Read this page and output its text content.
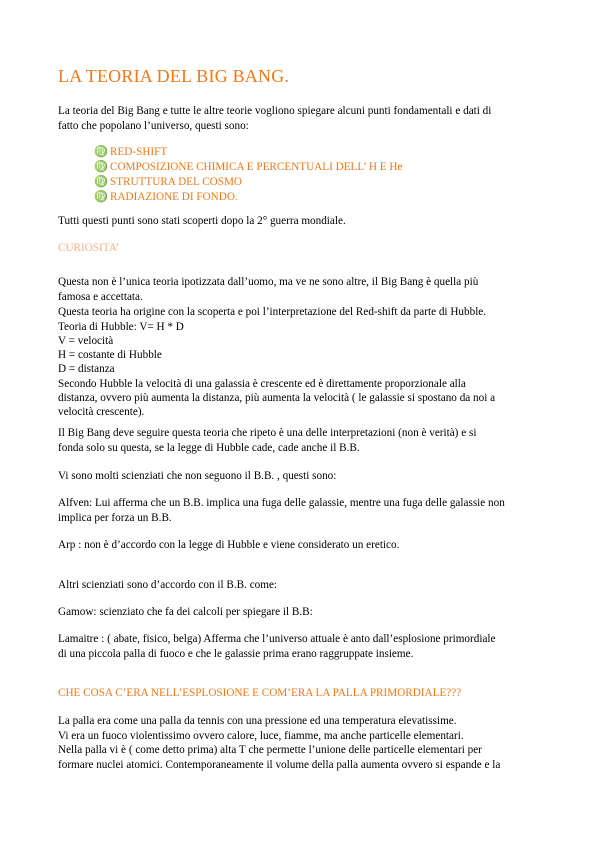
LA TEORIA DEL BIG BANG.

La teoria del Big Bang e tutte le altre teorie vogliono spiegare alcuni punti fondamentali e dati di

fatto che popolano l’universo, questi sono:

♍ RED-SHIFT
♍ COMPOSIZIONE CHIMICA E PERCENTUALI DELL’ H E He
♍ STRUTTURA DEL COSMO
♍ RADIAZIONE DI FONDO.

Tutti questi punti sono stati scoperti dopo la 2° guerra mondiale.

CURIOSITA’

Questa non è l’unica teoria ipotizzata dall’uomo, ma ve ne sono altre, il Big Bang è quella più

famosa e accettata.

Questa teoria ha origine con la scoperta e poi l’interpretazione del Red-shift da parte di Hubble.

Teoria di Hubble: V= H * D

V = velocità

H = costante di Hubble

D = distanza

Secondo Hubble la velocità di una galassia è crescente ed è direttamente proporzionale alla

distanza, ovvero più aumenta la distanza, più aumenta la velocità ( le galassie si spostano da noi a

velocità crescente).

Il Big Bang deve seguire questa teoria che ripeto è una delle interpretazioni (non è verità) e si

fonda solo su questa, se la legge di Hubble cade, cade anche il B.B.

Vi sono molti scienziati che non seguono il B.B. , questi sono:

Alfven: Lui afferma che un B.B. implica una fuga delle galassie, mentre una fuga delle galassie non

implica per forza un B.B.

Arp : non è d’accordo con la legge di Hubble e viene considerato un eretico.

Altri scienziati sono d’accordo con il B.B. come:

Gamow: scienziato che fa dei calcoli per spiegare il B.B:

Lamaitre : ( abate, fisico, belga) Afferma che l’universo attuale è anto dall’esplosione primordiale

di una piccola palla di fuoco e che le galassie prima erano raggruppate insieme.

CHE COSA C’ERA NELL’ESPLOSIONE E COM’ERA LA PALLA PRIMORDIALE???

La palla era come una palla da tennis con una pressione ed una temperatura elevatissime.

Vi era un fuoco violentissimo ovvero calore, luce, fiamme, ma anche particelle elementari.

Nella palla vi è ( come detto prima) alta T che permette l’unione delle particelle elementari per

formare nuclei atomici. Contemporaneamente il volume della palla aumenta ovvero si espande e la
